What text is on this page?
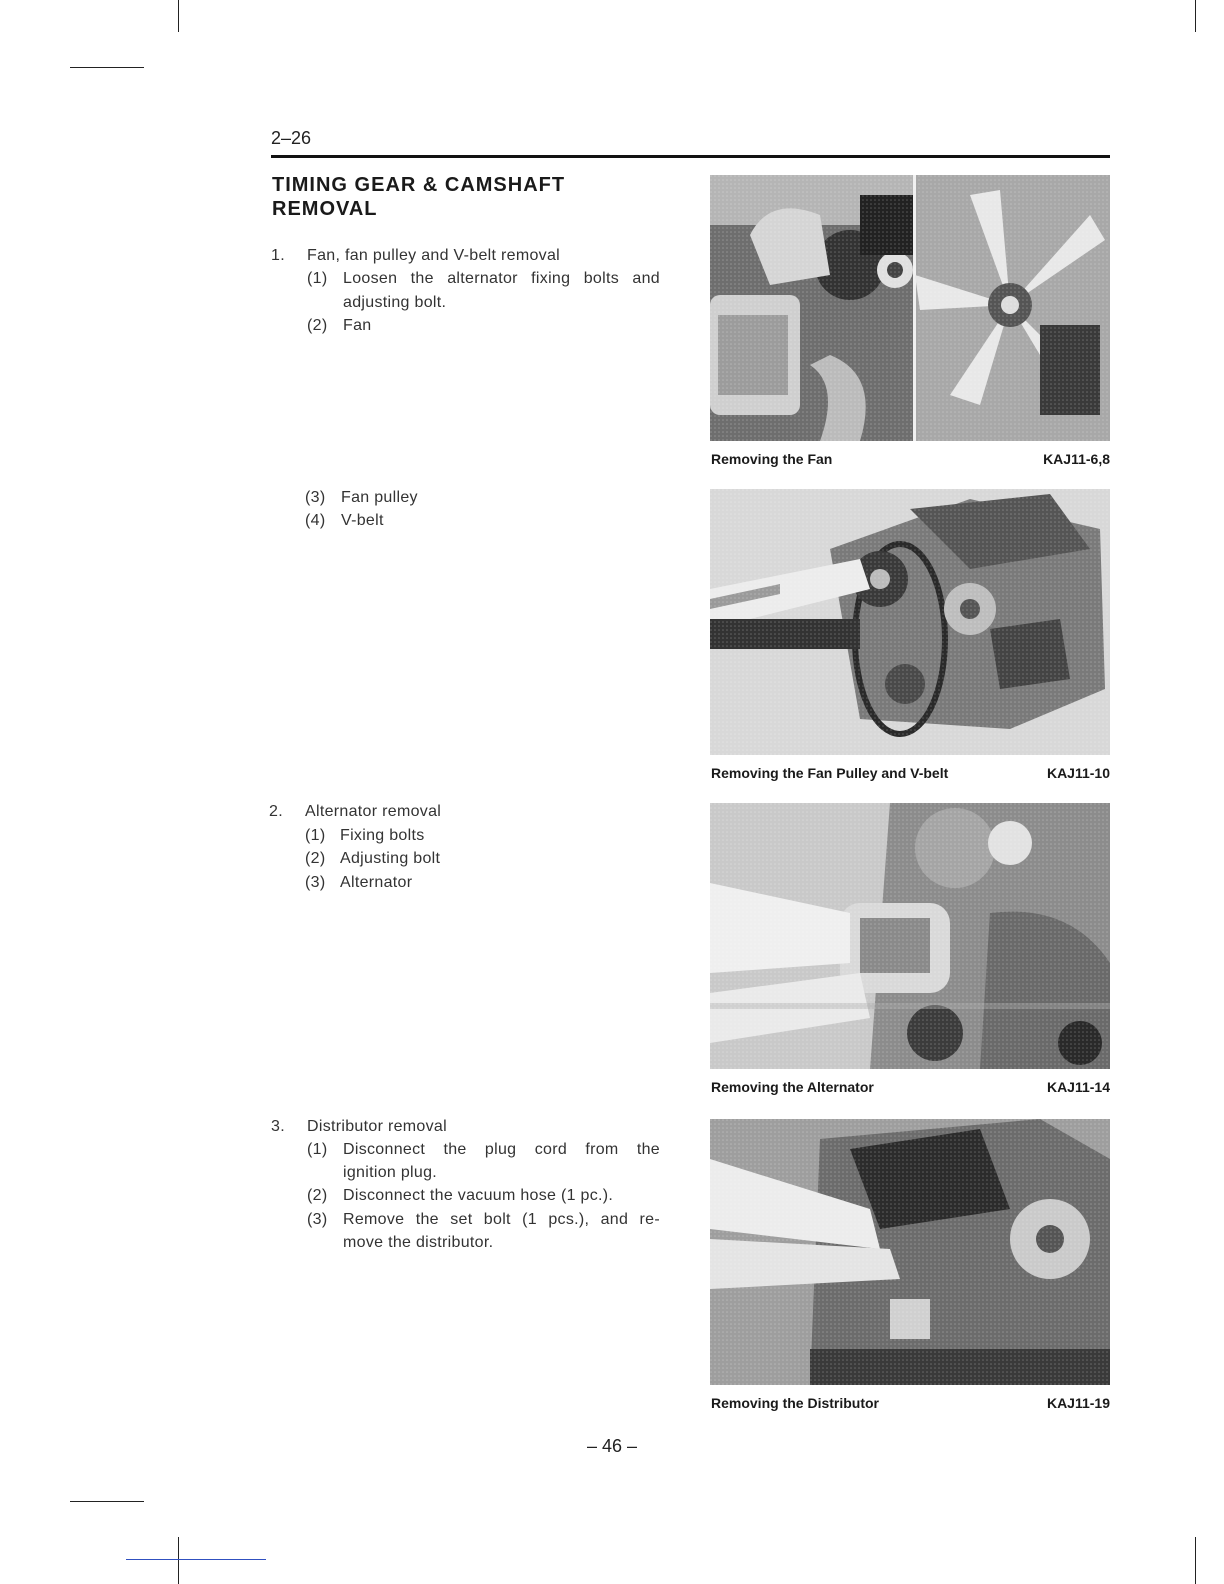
2–26
TIMING GEAR & CAMSHAFT
REMOVAL
1. Fan, fan pulley and V-belt removal
(1) Loosen the alternator fixing bolts and
adjusting bolt.
(2) Fan
(3) Fan pulley
(4) V-belt
2. Alternator removal
(1) Fixing bolts
(2) Adjusting bolt
(3) Alternator
3. Distributor removal
(1) Disconnect the plug cord from the
ignition plug.
(2) Disconnect the vacuum hose (1 pc.).
(3) Remove the set bolt (1 pcs.), and re-
move the distributor.
Removing the Fan	KAJ11-6,8
Removing the Fan Pulley and V-belt	KAJ11-10
Removing the Alternator	KAJ11-14
Removing the Distributor	KAJ11-19
– 46 –
